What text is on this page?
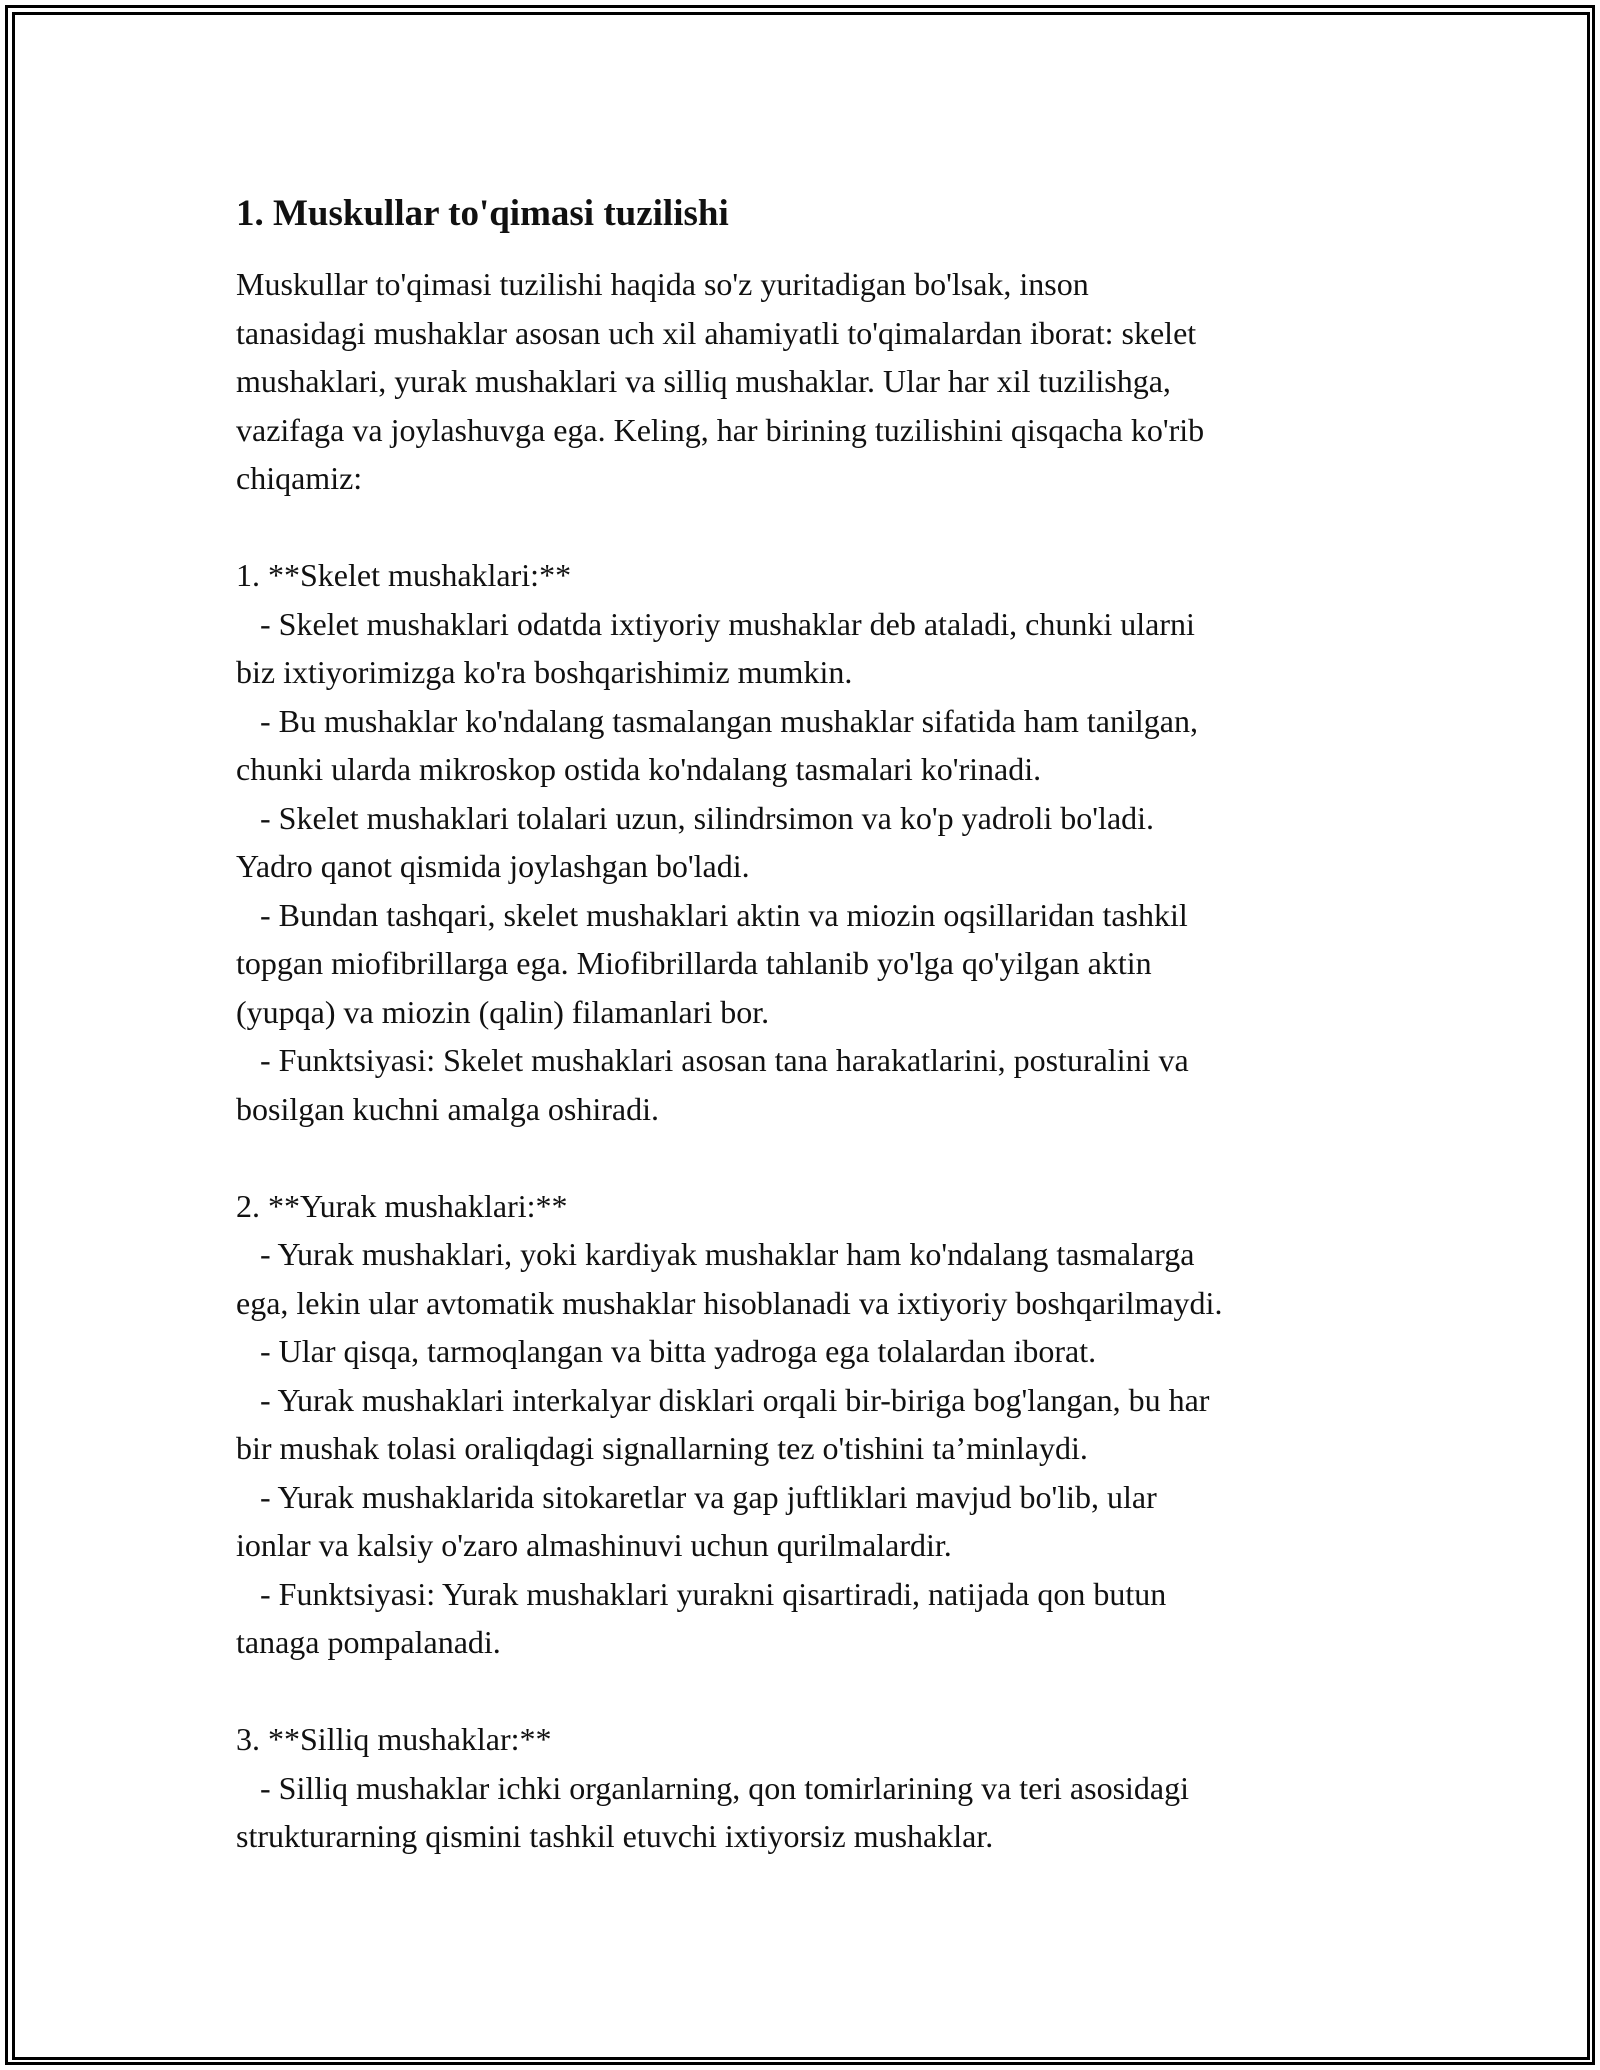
1. Muskullar to'qimasi tuzilishi
Muskullar to'qimasi tuzilishi haqida so'z yuritadigan bo'lsak, inson
tanasidagi mushaklar asosan uch xil ahamiyatli to'qimalardan iborat: skelet
mushaklari, yurak mushaklari va silliq mushaklar. Ular har xil tuzilishga,
vazifaga va joylashuvga ega. Keling, har birining tuzilishini qisqacha ko'rib
chiqamiz:
1. **Skelet mushaklari:**
- Skelet mushaklari odatda ixtiyoriy mushaklar deb ataladi, chunki ularni
biz ixtiyorimizga ko'ra boshqarishimiz mumkin.
- Bu mushaklar ko'ndalang tasmalangan mushaklar sifatida ham tanilgan,
chunki ularda mikroskop ostida ko'ndalang tasmalari ko'rinadi.
- Skelet mushaklari tolalari uzun, silindrsimon va ko'p yadroli bo'ladi.
Yadro qanot qismida joylashgan bo'ladi.
- Bundan tashqari, skelet mushaklari aktin va miozin oqsillaridan tashkil
topgan miofibrillarga ega. Miofibrillarda tahlanib yo'lga qo'yilgan aktin
(yupqa) va miozin (qalin) filamanlari bor.
- Funktsiyasi: Skelet mushaklari asosan tana harakatlarini, posturalini va
bosilgan kuchni amalga oshiradi.
2. **Yurak mushaklari:**
- Yurak mushaklari, yoki kardiyak mushaklar ham ko'ndalang tasmalarga
ega, lekin ular avtomatik mushaklar hisoblanadi va ixtiyoriy boshqarilmaydi.
- Ular qisqa, tarmoqlangan va bitta yadroga ega tolalardan iborat.
- Yurak mushaklari interkalyar disklari orqali bir-biriga bog'langan, bu har
bir mushak tolasi oraliqdagi signallarning tez o'tishini ta’minlaydi.
- Yurak mushaklarida sitokaretlar va gap juftliklari mavjud bo'lib, ular
ionlar va kalsiy o'zaro almashinuvi uchun qurilmalardir.
- Funktsiyasi: Yurak mushaklari yurakni qisartiradi, natijada qon butun
tanaga pompalanadi.
3. **Silliq mushaklar:**
- Silliq mushaklar ichki organlarning, qon tomirlarining va teri asosidagi
strukturarning qismini tashkil etuvchi ixtiyorsiz mushaklar.
